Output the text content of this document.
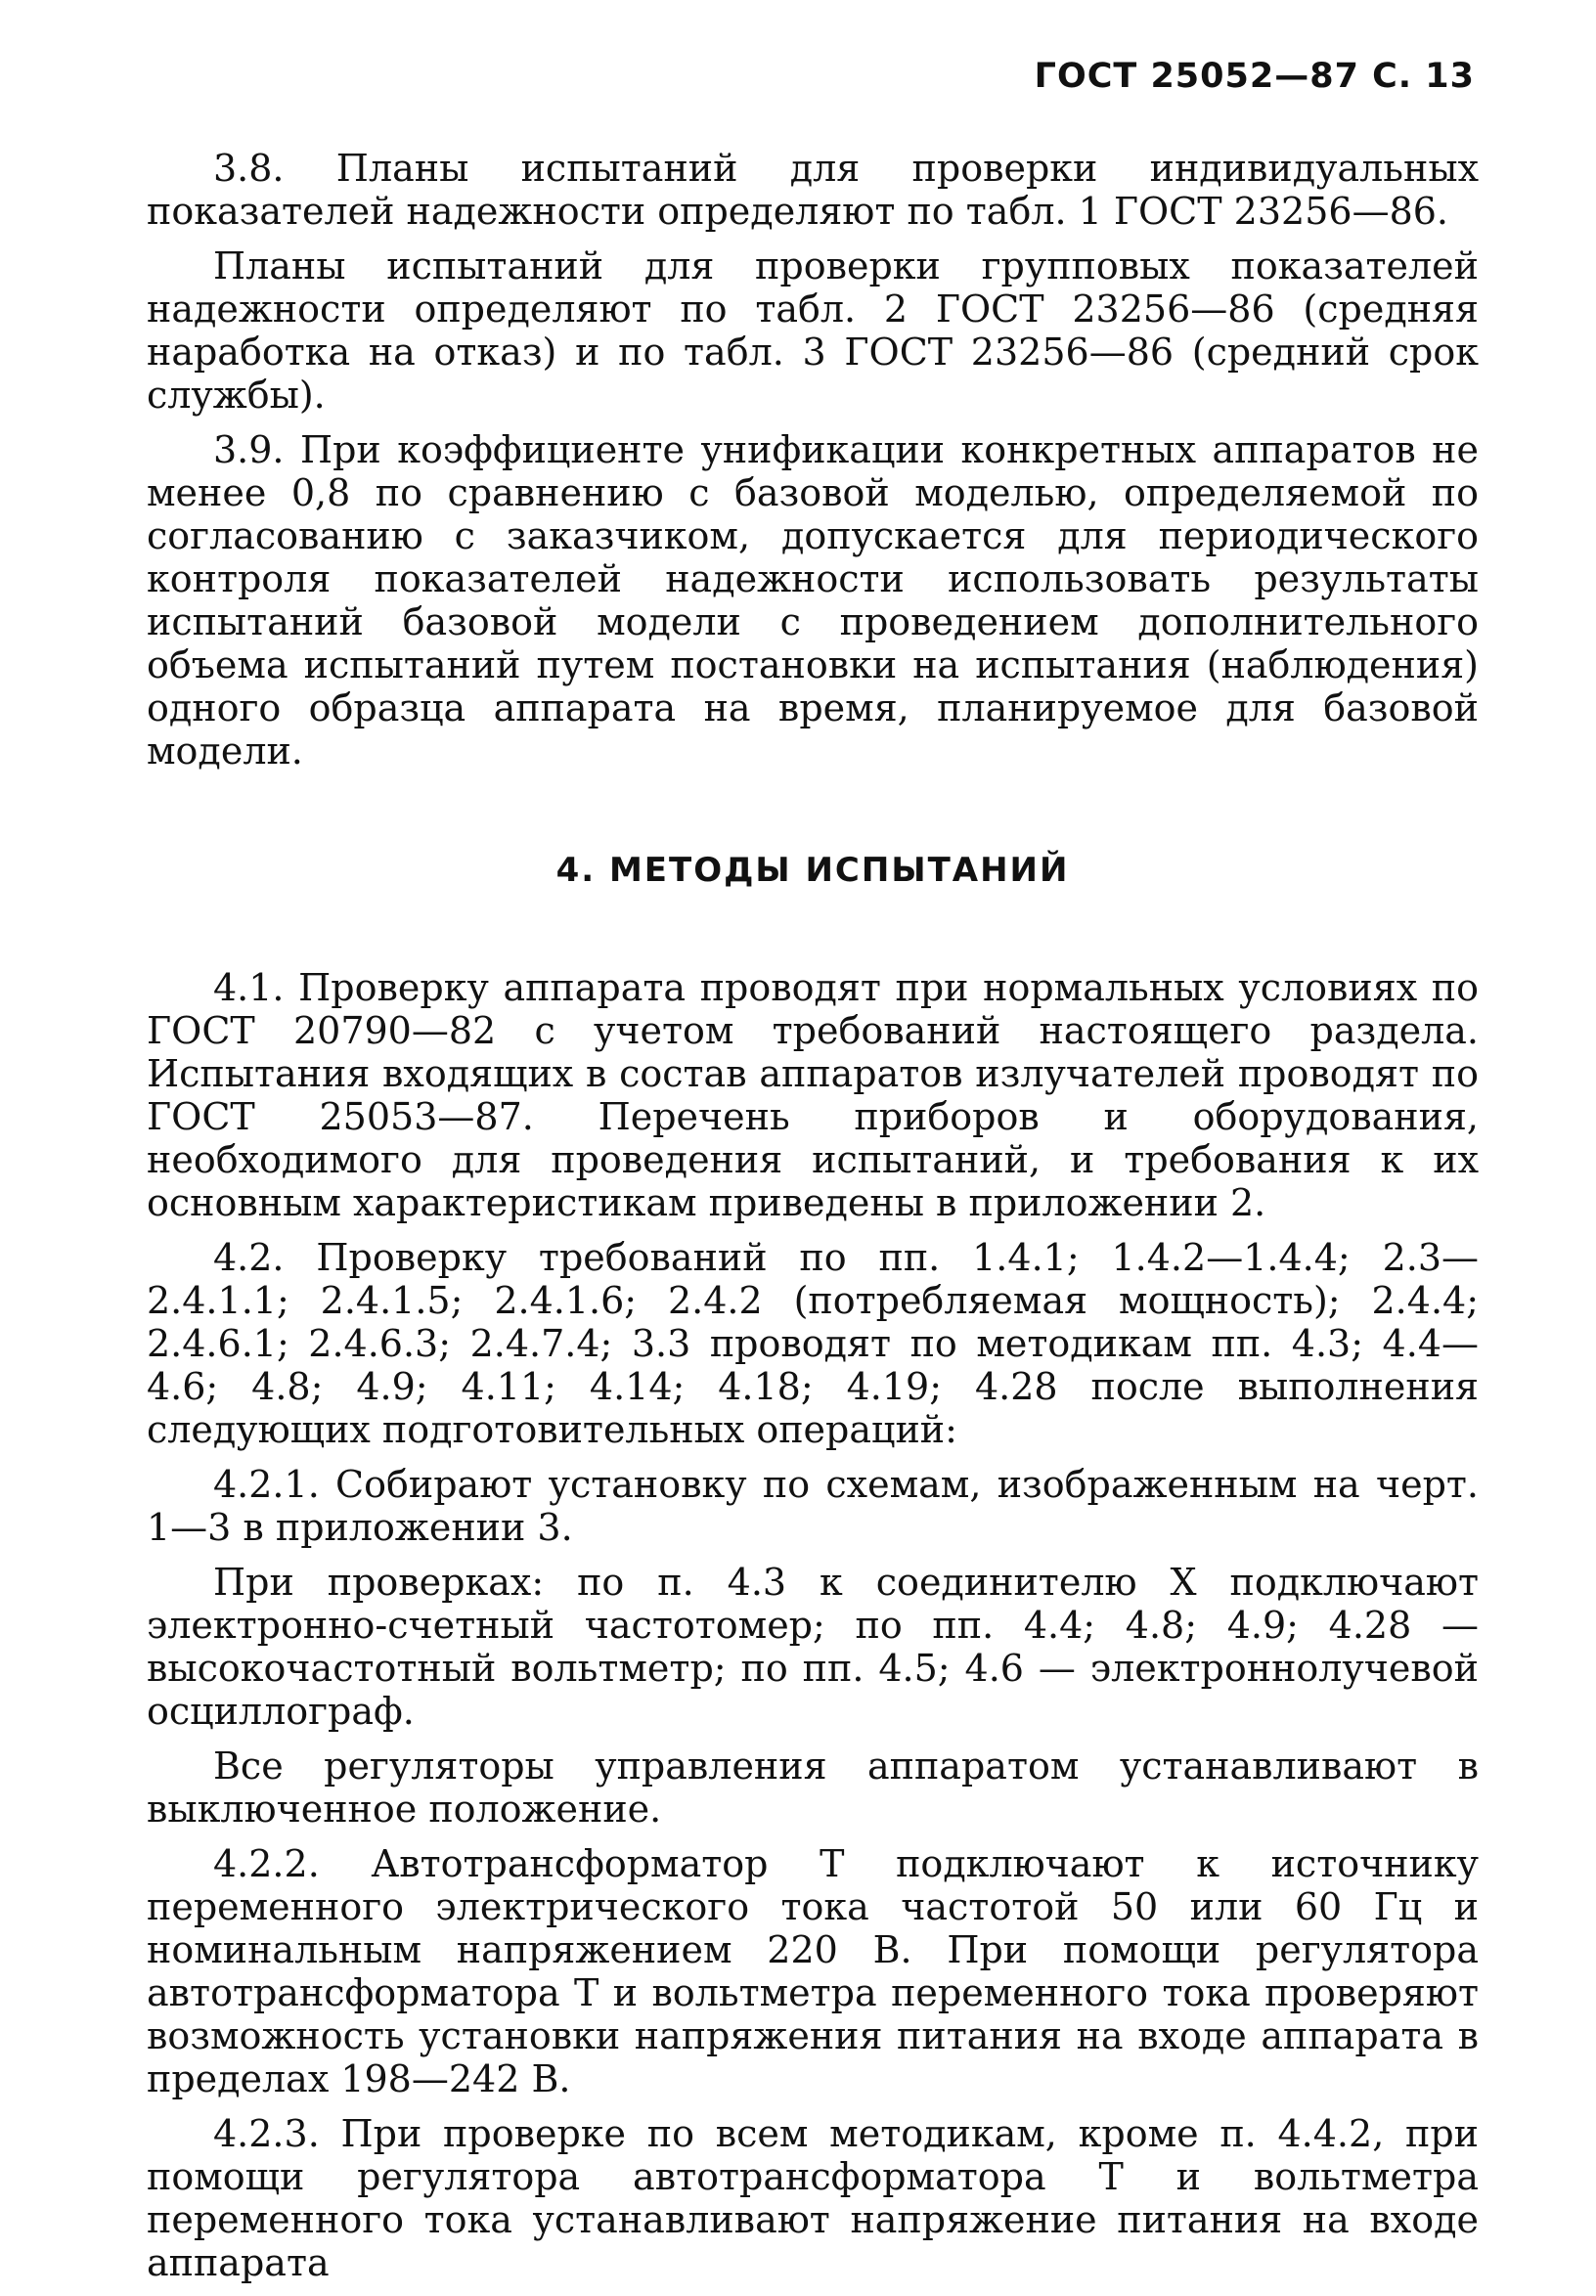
ГОСТ 25052—87 С. 13

3.8. Планы испытаний для проверки индивидуальных показателей надежности определяют по табл. 1 ГОСТ 23256—86.

Планы испытаний для проверки групповых показателей надежности определяют по табл. 2 ГОСТ 23256—86 (средняя наработка на отказ) и по табл. 3 ГОСТ 23256—86 (средний срок службы).

3.9. При коэффициенте унификации конкретных аппаратов не менее 0,8 по сравнению с базовой моделью, определяемой по согласованию с заказчиком, допускается для периодического контроля показателей надежности использовать результаты испытаний базовой модели с проведением дополнительного объема испытаний путем постановки на испытания (наблюдения) одного образца аппарата на время, планируемое для базовой модели.

4. МЕТОДЫ ИСПЫТАНИЙ

4.1. Проверку аппарата проводят при нормальных условиях по ГОСТ 20790—82 с учетом требований настоящего раздела. Испытания входящих в состав аппаратов излучателей проводят по ГОСТ 25053—87. Перечень приборов и оборудования, необходимого для проведения испытаний, и требования к их основным характеристикам приведены в приложении 2.

4.2. Проверку требований по пп. 1.4.1; 1.4.2—1.4.4; 2.3—2.4.1.1; 2.4.1.5; 2.4.1.6; 2.4.2 (потребляемая мощность); 2.4.4; 2.4.6.1; 2.4.6.3; 2.4.7.4; 3.3 проводят по методикам пп. 4.3; 4.4—4.6; 4.8; 4.9; 4.11; 4.14; 4.18; 4.19; 4.28 после выполнения следующих подготовительных операций:

4.2.1. Собирают установку по схемам, изображенным на черт. 1—3 в приложении 3.

При проверках: по п. 4.3 к соединителю X подключают электронно-счетный частотомер; по пп. 4.4; 4.8; 4.9; 4.28 — высокочастотный вольтметр; по пп. 4.5; 4.6 — электроннолучевой осциллограф.

Все регуляторы управления аппаратом устанавливают в выключенное положение.

4.2.2. Автотрансформатор T подключают к источнику переменного электрического тока частотой 50 или 60 Гц и номинальным напряжением 220 В. При помощи регулятора автотрансформатора T и вольтметра переменного тока проверяют возможность установки напряжения питания на входе аппарата в пределах 198—242 В.

4.2.3. При проверке по всем методикам, кроме п. 4.4.2, при помощи регулятора автотрансформатора T и вольтметра переменного тока устанавливают напряжение питания на входе аппарата
